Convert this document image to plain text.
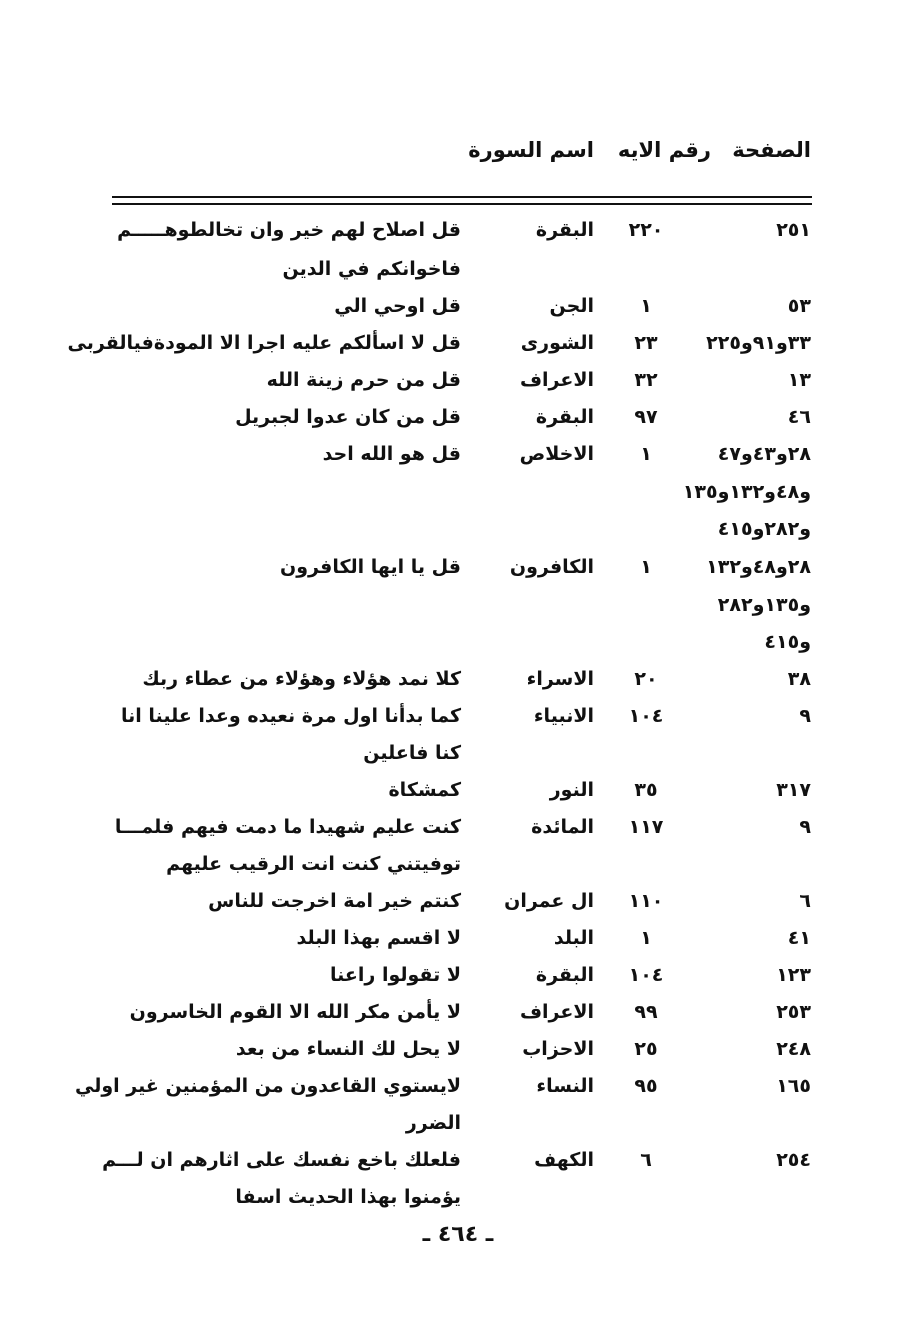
الصفحة
رقم الايه
اسم السورة
٢٥١
٢٢٠
البقرة
قل اصلاح لهم خير وان تخالطوهـــــم
فاخوانكم في الدين
٥٣
١
الجن
قل اوحي الي
٣٣و٩١و٢٢٥
٢٣
الشورى
قل لا اسألكم عليه اجرا الا المودةفيالقربى
١٣
٣٢
الاعراف
قل من حرم زينة الله
٤٦
٩٧
البقرة
قل من كان عدوا لجبريل
٢٨و٤٣و٤٧
١
الاخلاص
قل هو الله احد
و٤٨و١٣٢و١٣٥
و٢٨٢و٤١٥
٢٨و٤٨و١٣٢
١
الكافرون
قل يا ايها الكافرون
و١٣٥و٢٨٢
و٤١٥
٣٨
٢٠
الاسراء
كلا نمد هؤلاء وهؤلاء من عطاء ربك
٩
١٠٤
الانبياء
كما بدأنا اول مرة نعيده وعدا علينا انا
كنا فاعلين
٣١٧
٣٥
النور
كمشكاة
٩
١١٧
المائدة
كنت عليم شهيدا ما دمت فيهم فلمـــا
توفيتني كنت انت الرقيب عليهم
٦
١١٠
ال عمران
كنتم خير امة اخرجت للناس
٤١
١
البلد
لا اقسم بهذا البلد
١٢٣
١٠٤
البقرة
لا تقولوا راعنا
٢٥٣
٩٩
الاعراف
لا يأمن مكر الله الا القوم الخاسرون
٢٤٨
٢٥
الاحزاب
لا يحل لك النساء من بعد
١٦٥
٩٥
النساء
لايستوي القاعدون من المؤمنين غير اولي
الضرر
٢٥٤
٦
الكهف
فلعلك باخع نفسك على اثارهم ان لـــم
يؤمنوا بهذا الحديث اسفا
ـ ٤٦٤ ـ
